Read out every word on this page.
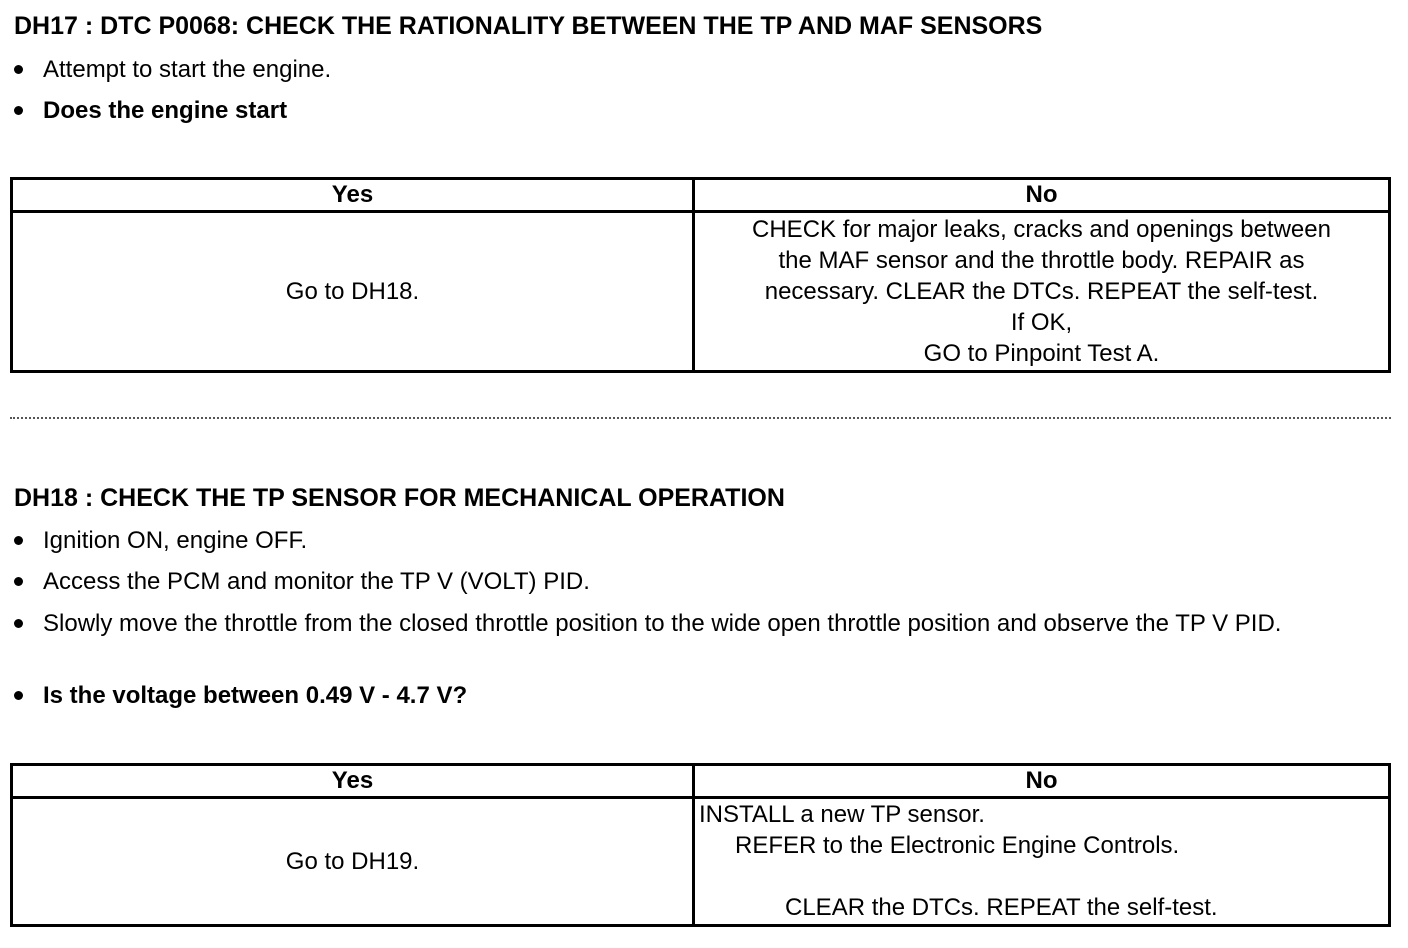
DH17 : DTC P0068: CHECK THE RATIONALITY BETWEEN THE TP AND MAF SENSORS
Attempt to start the engine.
Does the engine start
Yes	No
Go to DH18.	CHECK for major leaks, cracks and openings between
the MAF sensor and the throttle body. REPAIR as
necessary. CLEAR the DTCs. REPEAT the self-test.
If OK,
GO to Pinpoint Test A.
DH18 : CHECK THE TP SENSOR FOR MECHANICAL OPERATION
Ignition ON, engine OFF.
Access the PCM and monitor the TP V (VOLT) PID.
Slowly move the throttle from the closed throttle position to the wide open throttle position and observe the TP V PID.
Is the voltage between 0.49 V - 4.7 V?
Yes	No
Go to DH19.	INSTALL a new TP sensor.
REFER to the Electronic Engine Controls.
CLEAR the DTCs. REPEAT the self-test.
